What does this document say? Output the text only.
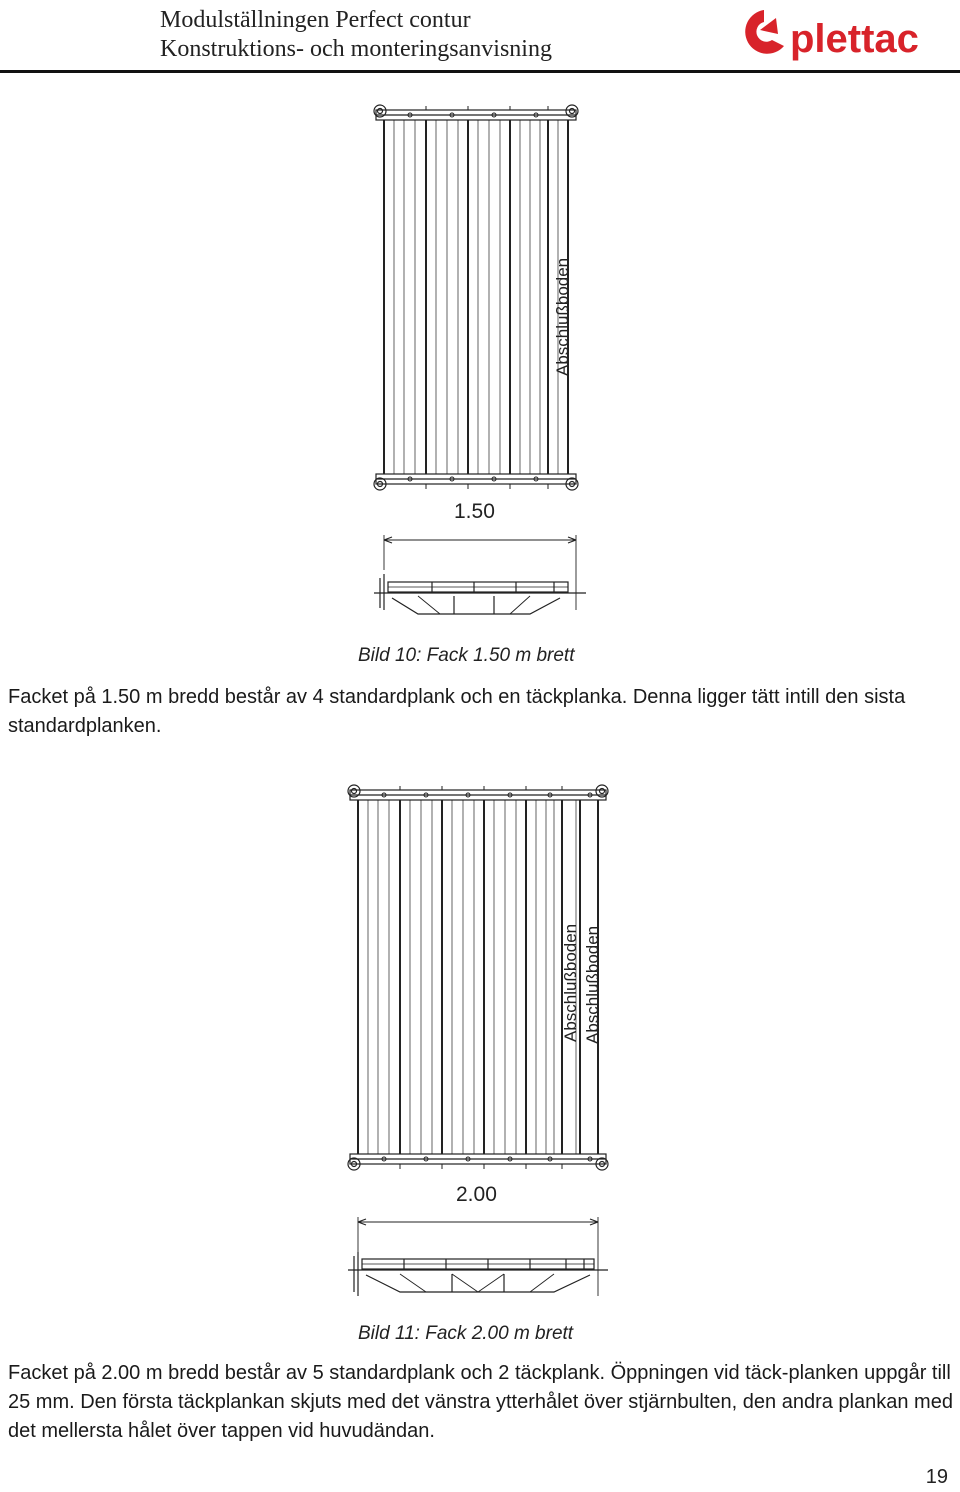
Modulställningen Perfect contur
Konstruktions- och monteringsanvisning	plettac
Abschlußboden
1.50
Bild 10: Fack 1.50 m brett
Facket på 1.50 m bredd består av 4 standardplank och en täckplanka. Denna ligger tätt intill den sista standardplanken.
Abschlußboden Abschlußboden
2.00
Bild 11: Fack 2.00 m brett
Facket på 2.00 m bredd består av 5 standardplank och 2 täckplank. Öppningen vid täck-planken uppgår till 25 mm. Den första täckplankan skjuts med det vänstra ytterhålet över stjärnbulten, den andra plankan med det mellersta hålet över tappen vid huvudändan.
19
